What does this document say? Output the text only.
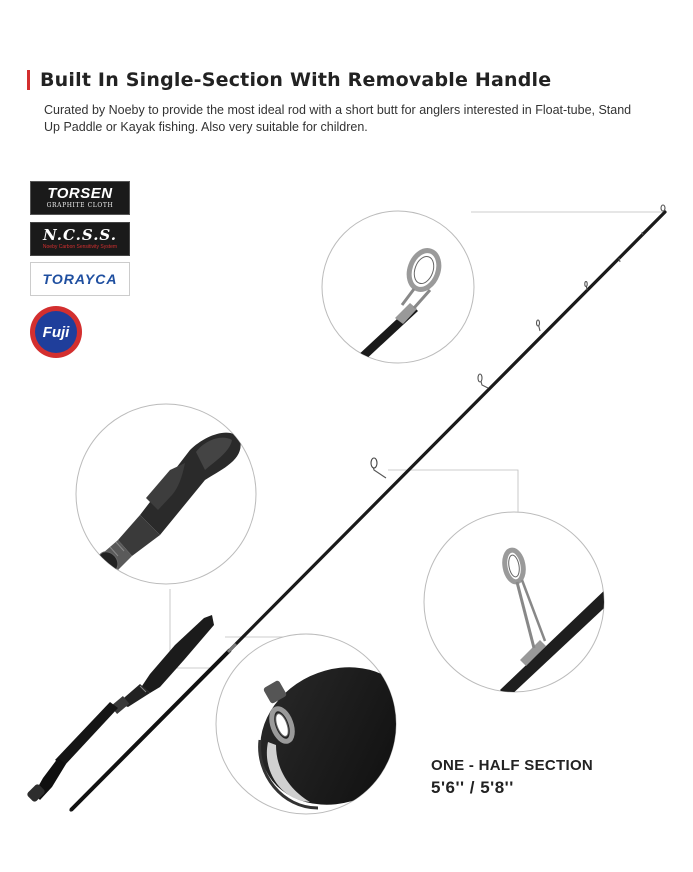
Built In Single-Section With Removable Handle

Curated by Noeby to provide the most ideal rod with a short butt for anglers interested in Float-tube, Stand Up Paddle or Kayak fishing. Also very suitable for children.

TORSEN
GRAPHITE CLOTH
N.C.S.S.
Noeby Carbon Sensitivity System
TORAYCA
Fuji
ONE - HALF SECTION
5'6'' / 5'8''
